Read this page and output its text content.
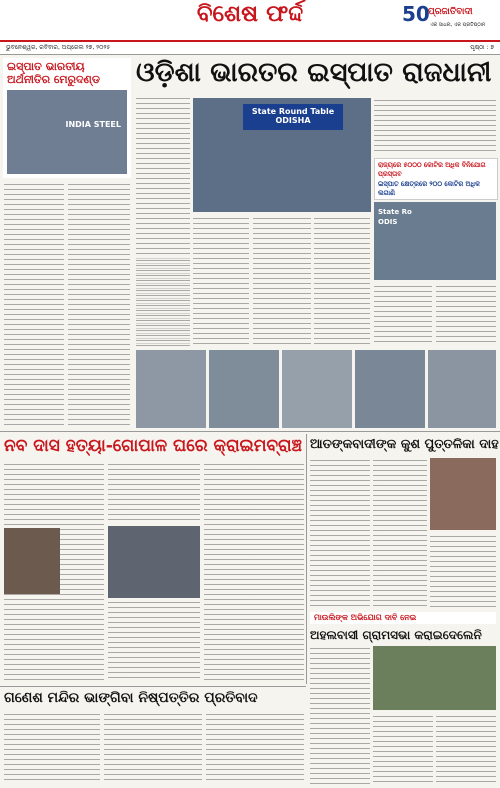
ବିଶେଷ ଫର୍ଦ୍ଦ	50
ପ୍ରଜାତିବାଦୀ
ଏକ ସାଧନା, ଏକ ପ୍ରତିଷ୍ଠାନ
ଭୁବନେଶ୍ୱର, ରବିବାର, ଅପ୍ରେଲ ୨୭, ୨୦୨୫	ପୃଷ୍ଠା : ୭
ଇସ୍ପାତ ଭାରତୀୟ ଅର୍ଥନୀତିର ମେରୁଦଣ୍ଡ
INDIA STEEL
ଓଡ଼ିଶା ଭାରତର ଇସ୍ପାତ ରାଜଧାନୀ
State Round Table
ODISHA
ରାଜ୍ୟରେ ୫୦୦୦ କୋଟିର ଅଧିକ ବିନିଯୋଗ ପ୍ରସ୍ତାବ
ଇସ୍ପାତ କ୍ଷେତ୍ରରେ ୨୦୦ କୋଟିର ଅଧିକ ଲଗାଣି
State Ro
ODIS
ନବ ଦାସ ହତ୍ୟା-ଗୋପାଳ ଘରେ କ୍ରାଇମବ୍ରାଞ୍ଚ ଆତଙ୍କବାଦୀଙ୍କ କୁଶ ପୁତ୍ତଳିକା ଦାହ
ମାଉଲିଙ୍କ ଅଭିଯୋଗ ଦାବି ନେଇ
ଅହଲବାସୀ ଗ୍ରାମସଭା କରାଇଦେଲେନି
ଗଣେଶ ମନ୍ଦିର ଭାଙ୍ଗିବା ନିଷ୍ପତ୍ତିର ପ୍ରତିବାଦ
